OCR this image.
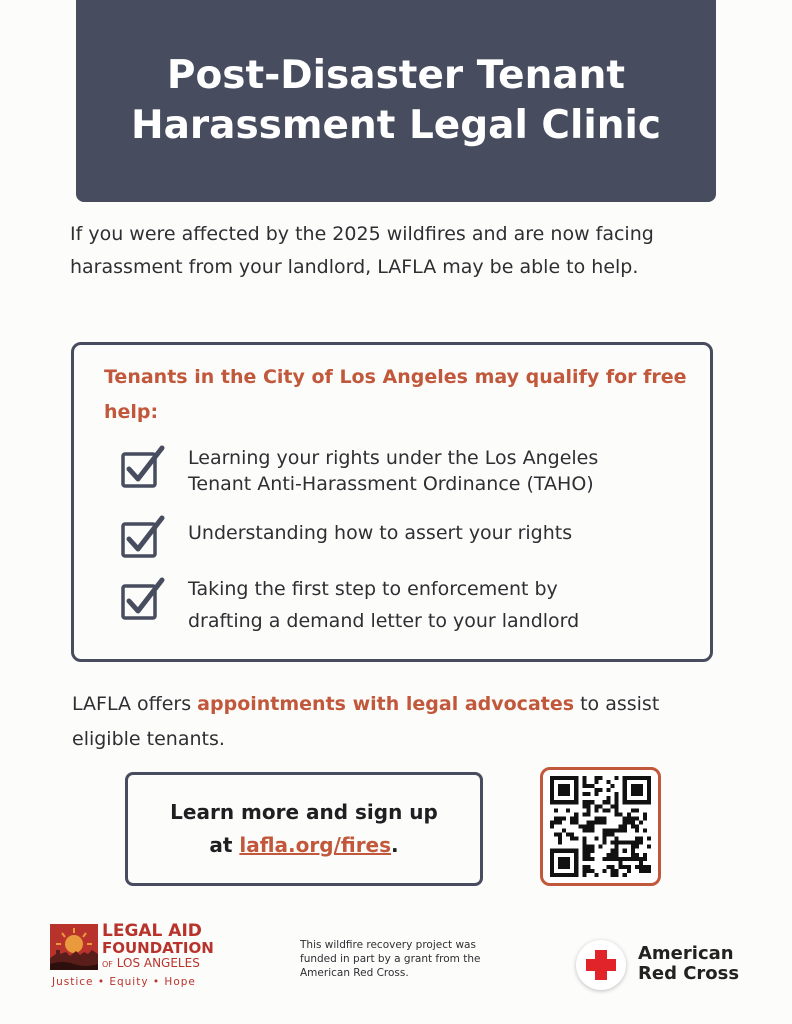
Post-Disaster Tenant
Harassment Legal Clinic

If you were affected by the 2025 wildfires and are now facing harassment from your landlord, LAFLA may be able to help.

Tenants in the City of Los Angeles may qualify for free help:

Learning your rights under the Los Angeles
Tenant Anti-Harassment Ordinance (TAHO)
Understanding how to assert your rights
Taking the first step to enforcement by
drafting a demand letter to your landlord

LAFLA offers appointments with legal advocates to assist eligible tenants.

Learn more and sign up

at lafla.org/fires.

LEGAL AID
FOUNDATION
OF LOS ANGELES
Justice • Equity • Hope

This wildfire recovery project was funded in part by a grant from the American Red Cross.

American
Red Cross
